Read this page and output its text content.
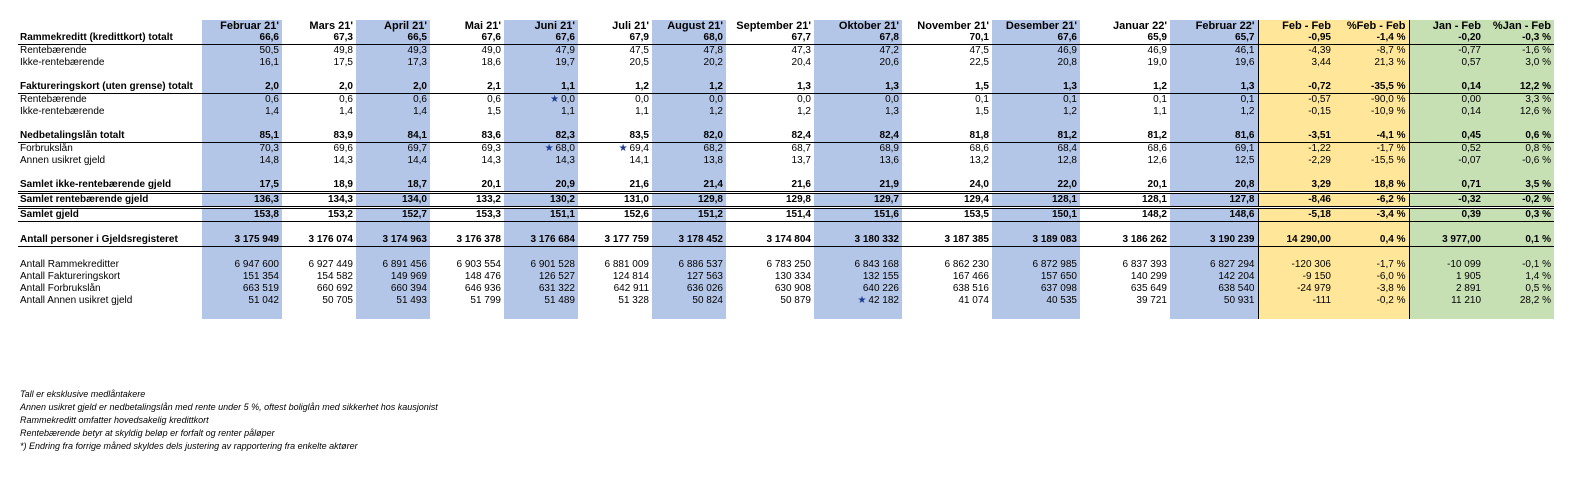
	Februar 21'	Mars 21'	April 21'	Mai 21'	Juni 21'	Juli 21'	August 21'	September 21'	Oktober 21'	November 21'	Desember 21'	Januar 22'	Februar 22'	Feb - Feb	%Feb - Feb	Jan - Feb	%Jan - Feb
Rammekreditt (kredittkort) totalt	66,6	67,3	66,5	67,6	67,6	67,9	68,0	67,7	67,8	70,1	67,6	65,9	65,7	-0,95	-1,4 %	-0,20	-0,3 %
Rentebærende	50,5	49,8	49,3	49,0	47,9	47,5	47,8	47,3	47,2	47,5	46,9	46,9	46,1	-4,39	-8,7 %	-0,77	-1,6 %
Ikke-rentebærende	16,1	17,5	17,3	18,6	19,7	20,5	20,2	20,4	20,6	22,5	20,8	19,0	19,6	3,44	21,3 %	0,57	3,0 %

Faktureringskort (uten grense) totalt	2,0	2,0	2,0	2,1	1,1	1,2	1,2	1,3	1,3	1,5	1,3	1,2	1,3	-0,72	-35,5 %	0,14	12,2 %
Rentebærende	0,6	0,6	0,6	0,6	★ 0,0	0,0	0,0	0,0	0,0	0,1	0,1	0,1	0,1	-0,57	-90,0 %	0,00	3,3 %
Ikke-rentebærende	1,4	1,4	1,4	1,5	1,1	1,1	1,2	1,2	1,3	1,5	1,2	1,1	1,2	-0,15	-10,9 %	0,14	12,6 %

Nedbetalingslån totalt	85,1	83,9	84,1	83,6	82,3	83,5	82,0	82,4	82,4	81,8	81,2	81,2	81,6	-3,51	-4,1 %	0,45	0,6 %
Forbrukslån	70,3	69,6	69,7	69,3	★ 68,0	★ 69,4	68,2	68,7	68,9	68,6	68,4	68,6	69,1	-1,22	-1,7 %	0,52	0,8 %
Annen usikret gjeld	14,8	14,3	14,4	14,3	14,3	14,1	13,8	13,7	13,6	13,2	12,8	12,6	12,5	-2,29	-15,5 %	-0,07	-0,6 %

Samlet ikke-rentebærende gjeld	17,5	18,9	18,7	20,1	20,9	21,6	21,4	21,6	21,9	24,0	22,0	20,1	20,8	3,29	18,8 %	0,71	3,5 %
Samlet rentebærende gjeld	136,3	134,3	134,0	133,2	130,2	131,0	129,8	129,8	129,7	129,4	128,1	128,1	127,8	-8,46	-6,2 %	-0,32	-0,2 %
Samlet gjeld	153,8	153,2	152,7	153,3	151,1	152,6	151,2	151,4	151,6	153,5	150,1	148,2	148,6	-5,18	-3,4 %	0,39	0,3 %

Antall personer i Gjeldsregisteret	3 175 949	3 176 074	3 174 963	3 176 378	3 176 684	3 177 759	3 178 452	3 174 804	3 180 332	3 187 385	3 189 083	3 186 262	3 190 239	14 290,00	0,4 %	3 977,00	0,1 %

Antall Rammekreditter	6 947 600	6 927 449	6 891 456	6 903 554	6 901 528	6 881 009	6 886 537	6 783 250	6 843 168	6 862 230	6 872 985	6 837 393	6 827 294	-120 306	-1,7 %	-10 099	-0,1 %
Antall Faktureringskort	151 354	154 582	149 969	148 476	126 527	124 814	127 563	130 334	132 155	167 466	157 650	140 299	142 204	-9 150	-6,0 %	1 905	1,4 %
Antall Forbrukslån	663 519	660 692	660 394	646 936	631 322	642 911	636 026	630 908	640 226	638 516	637 098	635 649	638 540	-24 979	-3,8 %	2 891	0,5 %
Antall Annen usikret gjeld	51 042	50 705	51 493	51 799	51 489	51 328	50 824	50 879	★ 42 182	41 074	40 535	39 721	50 931	-111	-0,2 %	11 210	28,2 %

Tall er eksklusive medlåntakere
Annen usikret gjeld er nedbetalingslån med rente under 5 %, oftest boliglån med sikkerhet hos kausjonist
Rammekreditt omfatter hovedsakelig kredittkort
Rentebærende betyr at skyldig beløp er forfalt og renter påløper
*) Endring fra forrige måned skyldes dels justering av rapportering fra enkelte aktører
